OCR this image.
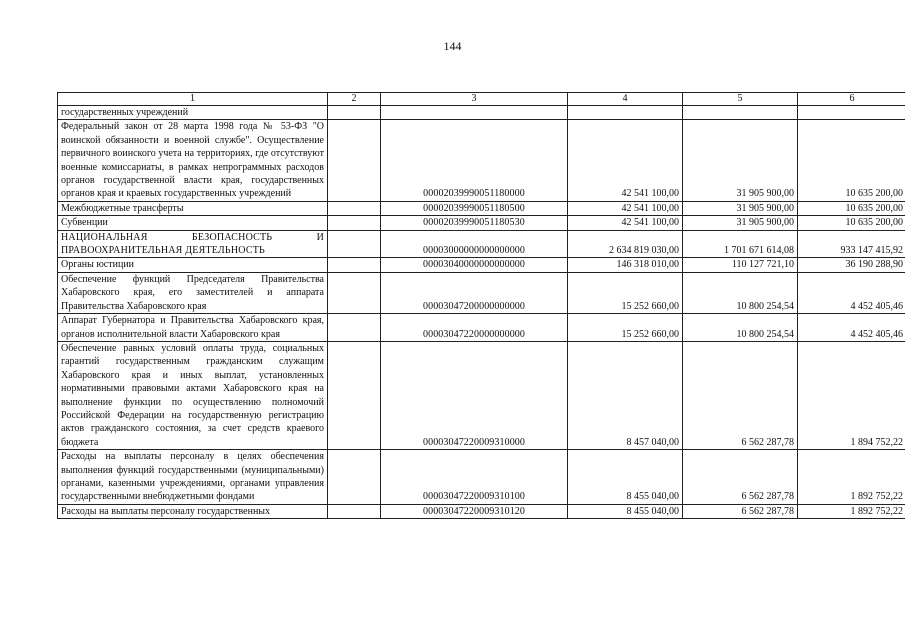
144
1	2	3	4	5	6
государственных учреждений					
Федеральный закон от 28 марта 1998 года № 53-ФЗ "О воинской обязанности и военной службе". Осуществление первичного воинского учета на территориях, где отсутствуют военные комиссариаты, в рамках непрограммных расходов органов государственной власти края, государственных органов края и краевых государственных учреждений		00002039990051180000	42 541 100,00	31 905 900,00	10 635 200,00
Межбюджетные трансферты		00002039990051180500	42 541 100,00	31 905 900,00	10 635 200,00
Субвенции		00002039990051180530	42 541 100,00	31 905 900,00	10 635 200,00
НАЦИОНАЛЬНАЯ БЕЗОПАСНОСТЬ И ПРАВООХРАНИТЕЛЬНАЯ ДЕЯТЕЛЬНОСТЬ		00003000000000000000	2 634 819 030,00	1 701 671 614,08	933 147 415,92
Органы юстиции		00003040000000000000	146 318 010,00	110 127 721,10	36 190 288,90
Обеспечение функций Председателя Правительства Хабаровского края, его заместителей и аппарата Правительства Хабаровского края		00003047200000000000	15 252 660,00	10 800 254,54	4 452 405,46
Аппарат Губернатора и Правительства Хабаровского края, органов исполнительной власти Хабаровского края		00003047220000000000	15 252 660,00	10 800 254,54	4 452 405,46
Обеспечение равных условий оплаты труда, социальных гарантий государственным гражданским служащим Хабаровского края и иных выплат, установленных нормативными правовыми актами Хабаровского края на выполнение функции по осуществлению полномочий Российской Федерации на государственную регистрацию актов гражданского состояния, за счет средств краевого бюджета		00003047220009310000	8 457 040,00	6 562 287,78	1 894 752,22
Расходы на выплаты персоналу в целях обеспечения выполнения функций государственными (муниципальными) органами, казенными учреждениями, органами управления государственными внебюджетными фондами		00003047220009310100	8 455 040,00	6 562 287,78	1 892 752,22
Расходы на выплаты персоналу государственных		00003047220009310120	8 455 040,00	6 562 287,78	1 892 752,22
